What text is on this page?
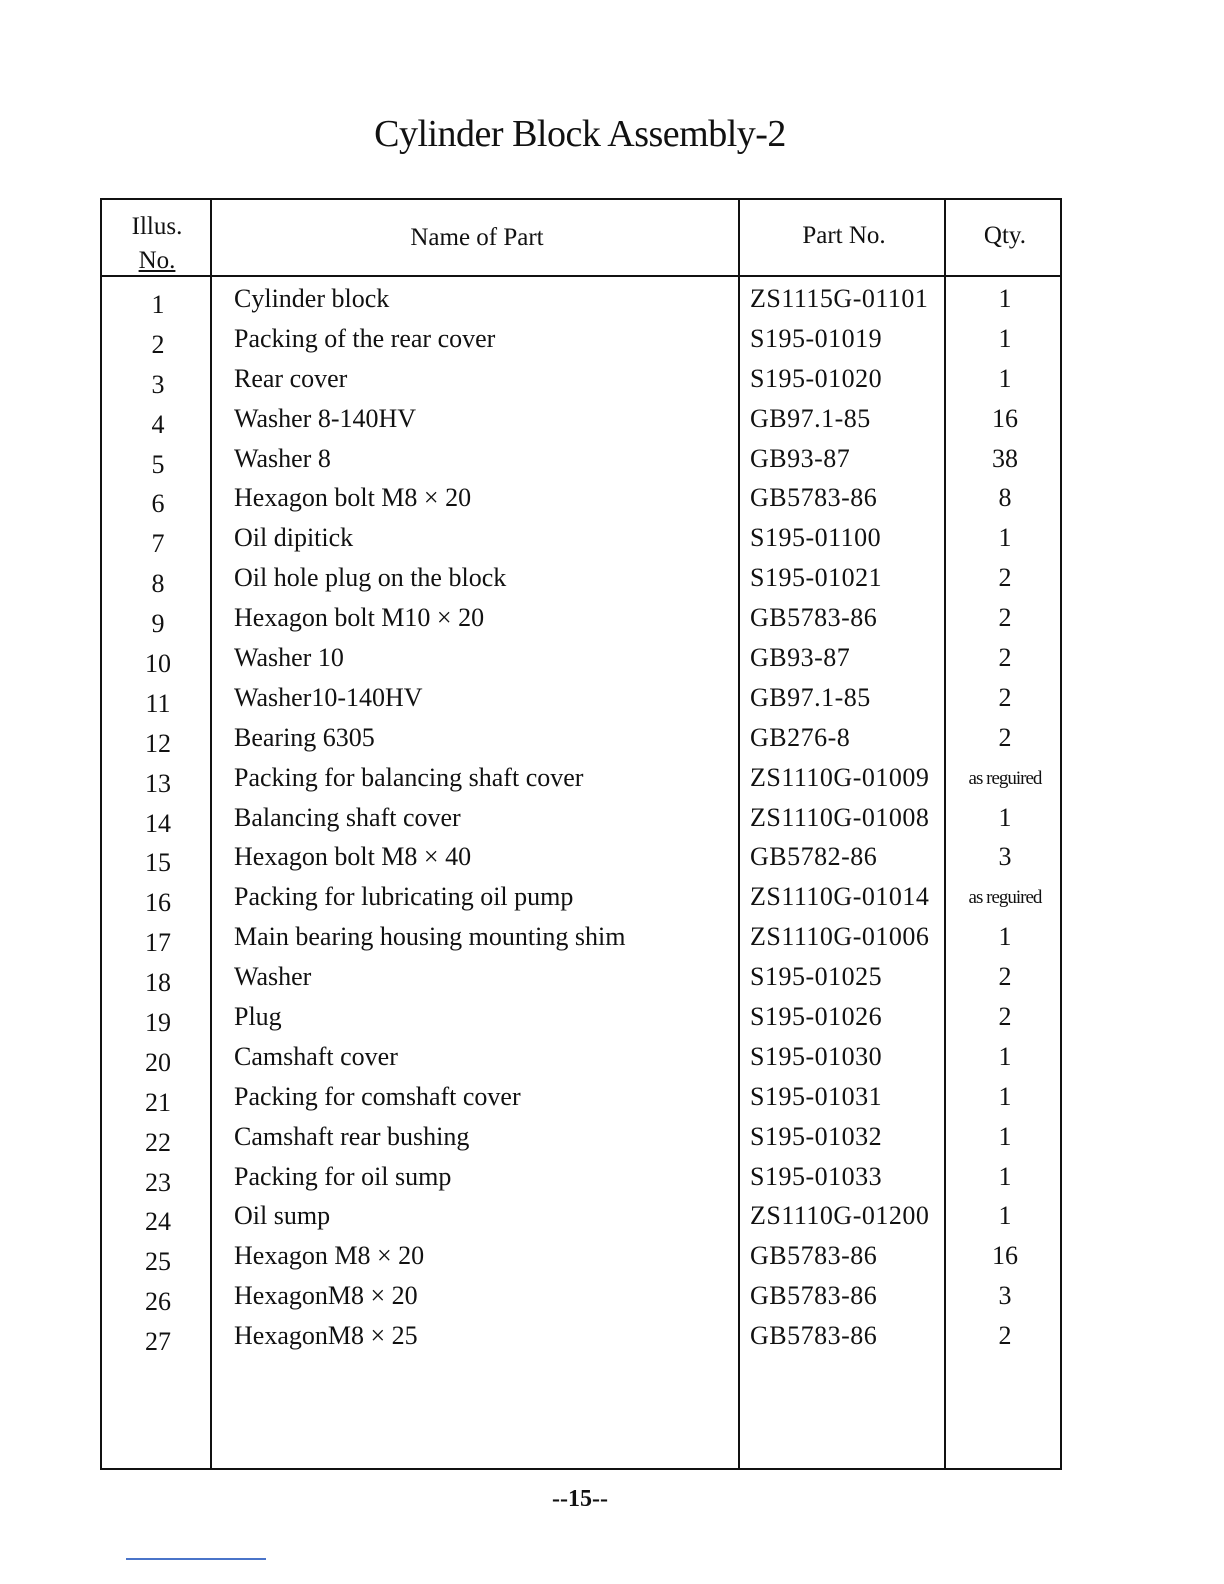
Cylinder Block Assembly-2
Illus.
No.
Name of Part	Part No.	Qty.
1	Cylinder block	ZS1115G-01101	1
2	Packing of the rear cover	S195-01019	1
3	Rear cover	S195-01020	1
4	Washer 8-140HV	GB97.1-85	16
5	Washer 8	GB93-87	38
6	Hexagon bolt M8 × 20	GB5783-86	8
7	Oil dipitick	S195-01100	1
8	Oil hole plug on the block	S195-01021	2
9	Hexagon bolt M10 × 20	GB5783-86	2
10	Washer 10	GB93-87	2
11	Washer10-140HV	GB97.1-85	2
12	Bearing 6305	GB276-8	2
13	Packing for balancing shaft cover	ZS1110G-01009	as reguired
14	Balancing shaft cover	ZS1110G-01008	1
15	Hexagon bolt M8 × 40	GB5782-86	3
16	Packing for lubricating oil pump	ZS1110G-01014	as reguired
17	Main bearing housing mounting shim	ZS1110G-01006	1
18	Washer	S195-01025	2
19	Plug	S195-01026	2
20	Camshaft cover	S195-01030	1
21	Packing for comshaft cover	S195-01031	1
22	Camshaft rear bushing	S195-01032	1
23	Packing for oil sump	S195-01033	1
24	Oil sump	ZS1110G-01200	1
25	Hexagon M8 × 20	GB5783-86	16
26	HexagonM8 × 20	GB5783-86	3
27	HexagonM8 × 25	GB5783-86	2
--15--
